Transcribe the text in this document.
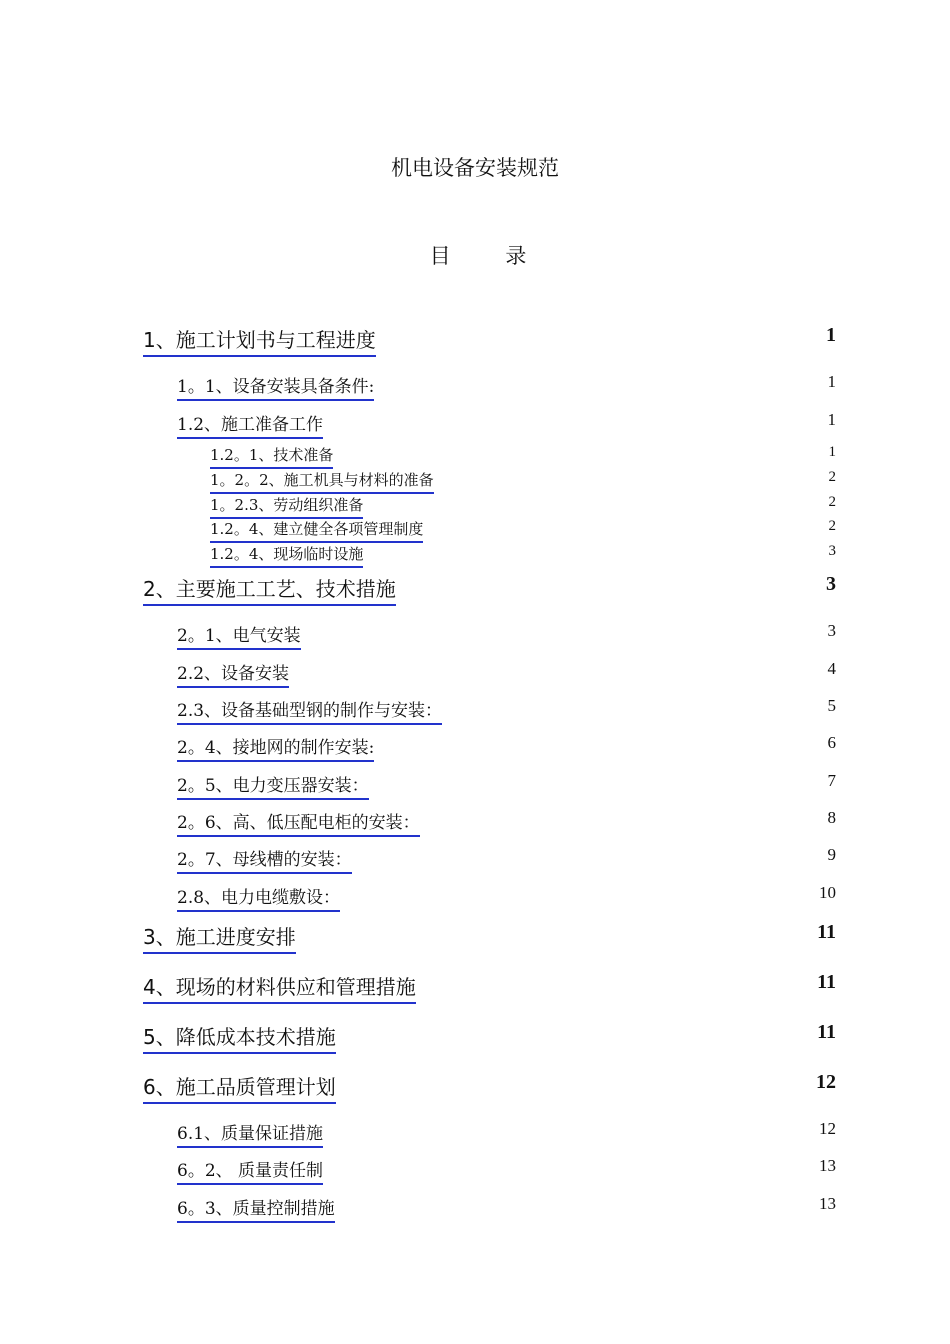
机电设备安装规范
目 录
1、施工计划书与工程进度	1
1。1、设备安装具备条件:	1
1.2、施工准备工作	1
1.2。1、技术准备	1
1。2。2、施工机具与材料的准备	2
1。2.3、劳动组织准备	2
1.2。4、建立健全各项管理制度	2
1.2。4、现场临时设施	3
2、主要施工工艺、技术措施	3
2。1、电气安装	3
2.2、设备安装	4
2.3、设备基础型钢的制作与安装：	5
2。4、接地网的制作安装:	6
2。5、电力变压器安装：	7
2。6、高、低压配电柜的安装：	8
2。7、母线槽的安装：	9
2.8、电力电缆敷设：	10
3、施工进度安排	11
4、现场的材料供应和管理措施	11
5、降低成本技术措施	11
6、施工品质管理计划	12
6.1、质量保证措施	12
6。2、 质量责任制	13
6。3、质量控制措施	13
